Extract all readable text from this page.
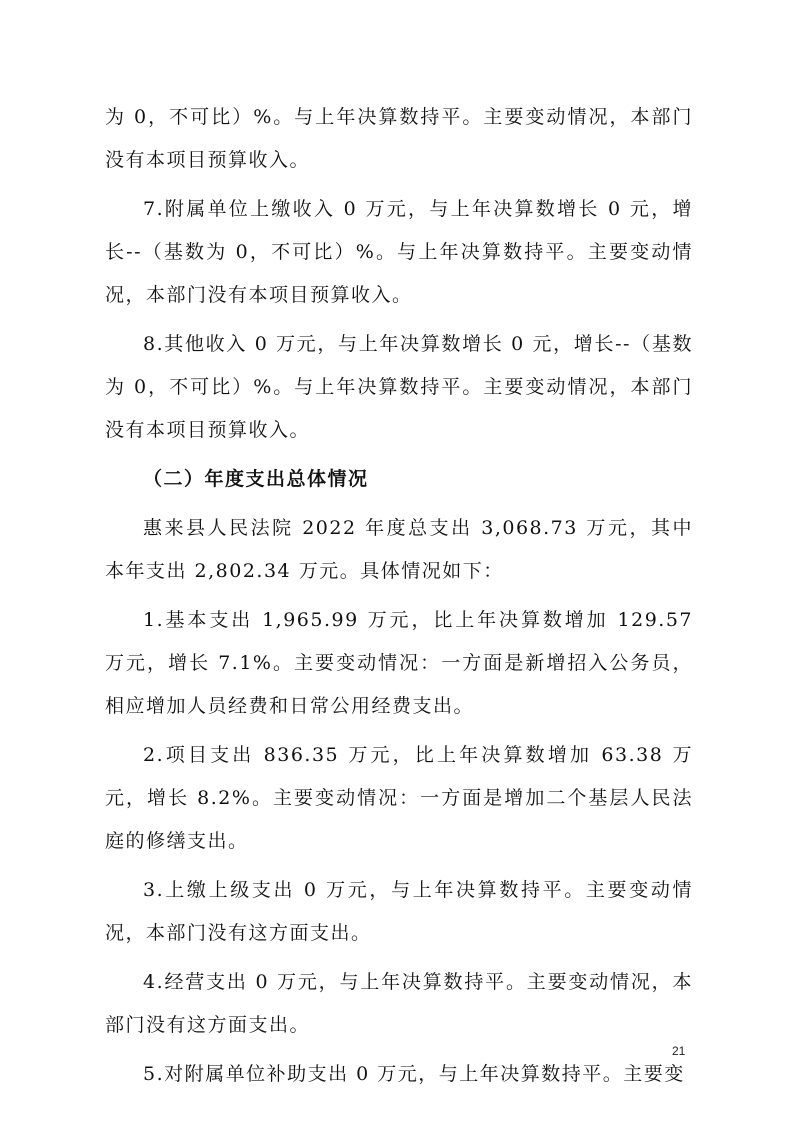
为 0，不可比）%。与上年决算数持平。主要变动情况，本部门没有本项目预算收入。

7.附属单位上缴收入 0 万元，与上年决算数增长 0 元，增长--（基数为 0，不可比）%。与上年决算数持平。主要变动情况，本部门没有本项目预算收入。

8.其他收入 0 万元，与上年决算数增长 0 元，增长--（基数为 0，不可比）%。与上年决算数持平。主要变动情况，本部门没有本项目预算收入。

（二）年度支出总体情况

惠来县人民法院 2022 年度总支出 3,068.73 万元，其中本年支出 2,802.34 万元。具体情况如下：

1.基本支出 1,965.99 万元，比上年决算数增加 129.57 万元，增长 7.1%。主要变动情况：一方面是新增招入公务员，相应增加人员经费和日常公用经费支出。

2.项目支出 836.35 万元，比上年决算数增加 63.38 万元，增长 8.2%。主要变动情况：一方面是增加二个基层人民法庭的修缮支出。

3.上缴上级支出 0 万元，与上年决算数持平。主要变动情况，本部门没有这方面支出。

4.经营支出 0 万元，与上年决算数持平。主要变动情况，本部门没有这方面支出。

5.对附属单位补助支出 0 万元，与上年决算数持平。主要变

21
